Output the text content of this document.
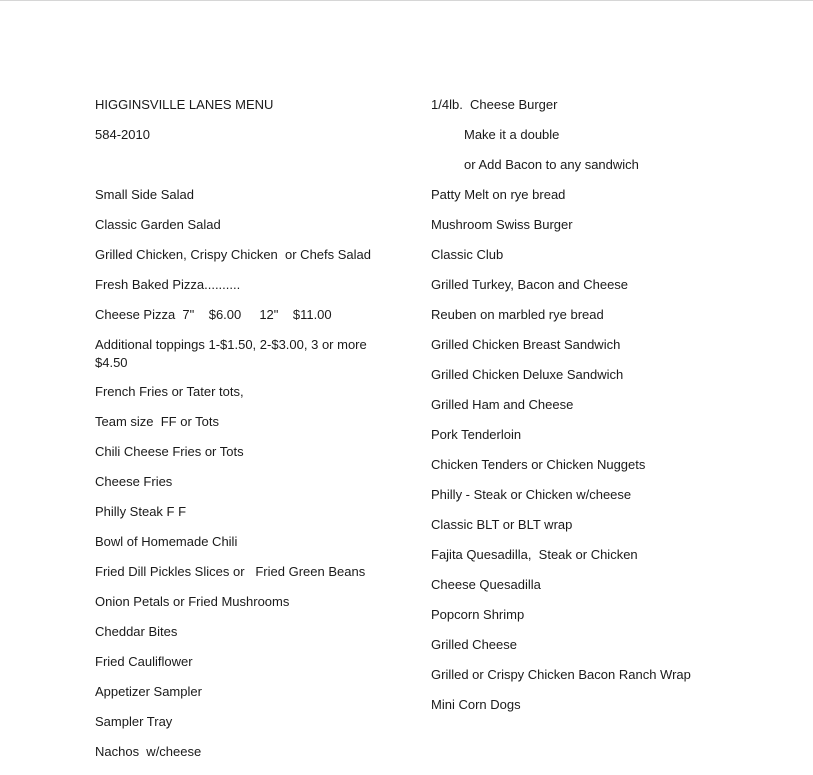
HIGGINSVILLE LANES MENU
584-2010
Small Side Salad
Classic Garden Salad
Grilled Chicken, Crispy Chicken  or Chefs Salad
Fresh Baked Pizza..........
Cheese Pizza  7"    $6.00     12"    $11.00
Additional toppings 1-$1.50, 2-$3.00, 3 or more $4.50
French Fries or Tater tots,
Team size  FF or Tots
Chili Cheese Fries or Tots
Cheese Fries
Philly Steak F F
Bowl of Homemade Chili
Fried Dill Pickles Slices or   Fried Green Beans
Onion Petals or Fried Mushrooms
Cheddar Bites
Fried Cauliflower
Appetizer Sampler
Sampler Tray
Nachos  w/cheese
1/4lb.  Cheese Burger
Make it a double
or Add Bacon to any sandwich
Patty Melt on rye bread
Mushroom Swiss Burger
Classic Club
Grilled Turkey, Bacon and Cheese
Reuben on marbled rye bread
Grilled Chicken Breast Sandwich
Grilled Chicken Deluxe Sandwich
Grilled Ham and Cheese
Pork Tenderloin
Chicken Tenders or Chicken Nuggets
Philly - Steak or Chicken w/cheese
Classic BLT or BLT wrap
Fajita Quesadilla,  Steak or Chicken
Cheese Quesadilla
Popcorn Shrimp
Grilled Cheese
Grilled or Crispy Chicken Bacon Ranch Wrap
Mini Corn Dogs
